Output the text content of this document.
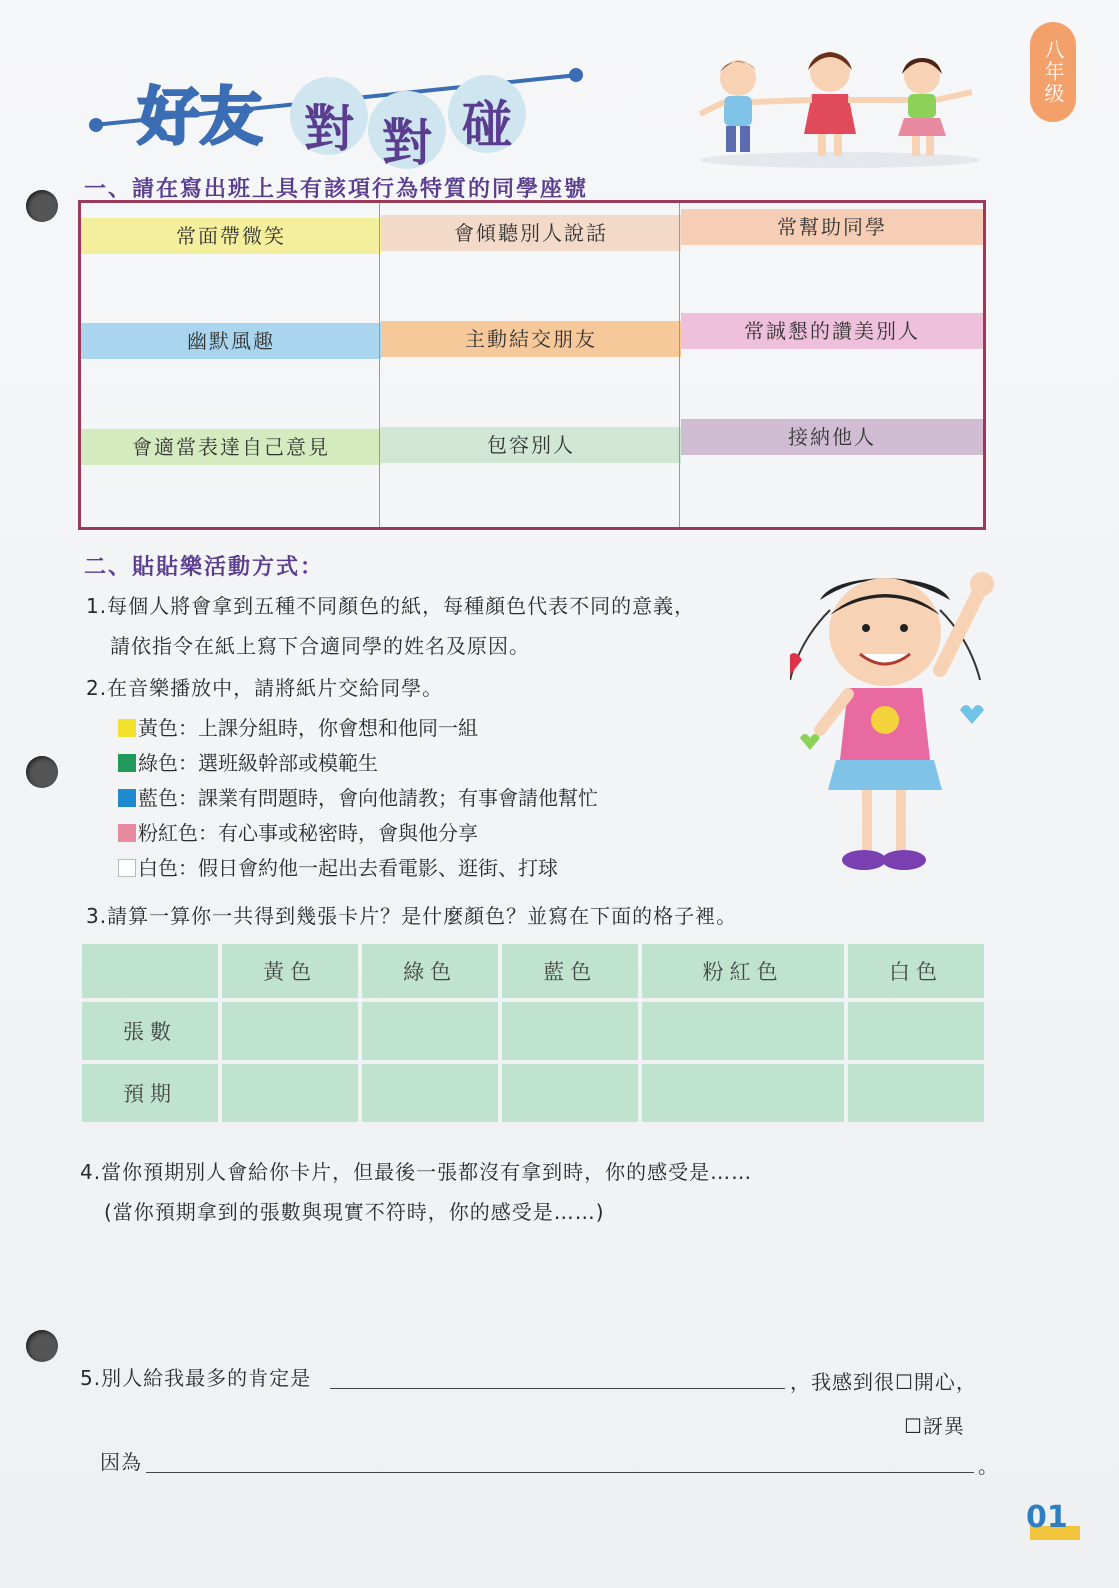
好友 對 對 碰
八年级
一、請在寫出班上具有該項行為特質的同學座號
常面帶微笑	會傾聽別人說話	常幫助同學
幽默風趣	主動結交朋友	常誠懇的讚美別人
會適當表達自己意見	包容別人	接納他人
二、貼貼樂活動方式：
1.每個人將會拿到五種不同顏色的紙，每種顏色代表不同的意義，
請依指令在紙上寫下合適同學的姓名及原因。
2.在音樂播放中，請將紙片交給同學。
黃色：上課分組時，你會想和他同一組
綠色：選班級幹部或模範生
藍色：課業有問題時，會向他請教；有事會請他幫忙
粉紅色：有心事或秘密時，會與他分享
白色：假日會約他一起出去看電影、逛街、打球
3.請算一算你一共得到幾張卡片？是什麼顏色？並寫在下面的格子裡。
	黃色	綠色	藍色	粉紅色	白色
張數					
預期					
4.當你預期別人會給你卡片，但最後一張都沒有拿到時，你的感受是……
(當你預期拿到的張數與現實不符時，你的感受是……)
5.別人給我最多的肯定是	，我感到很☐開心，
☐訝異
因為	。
01
